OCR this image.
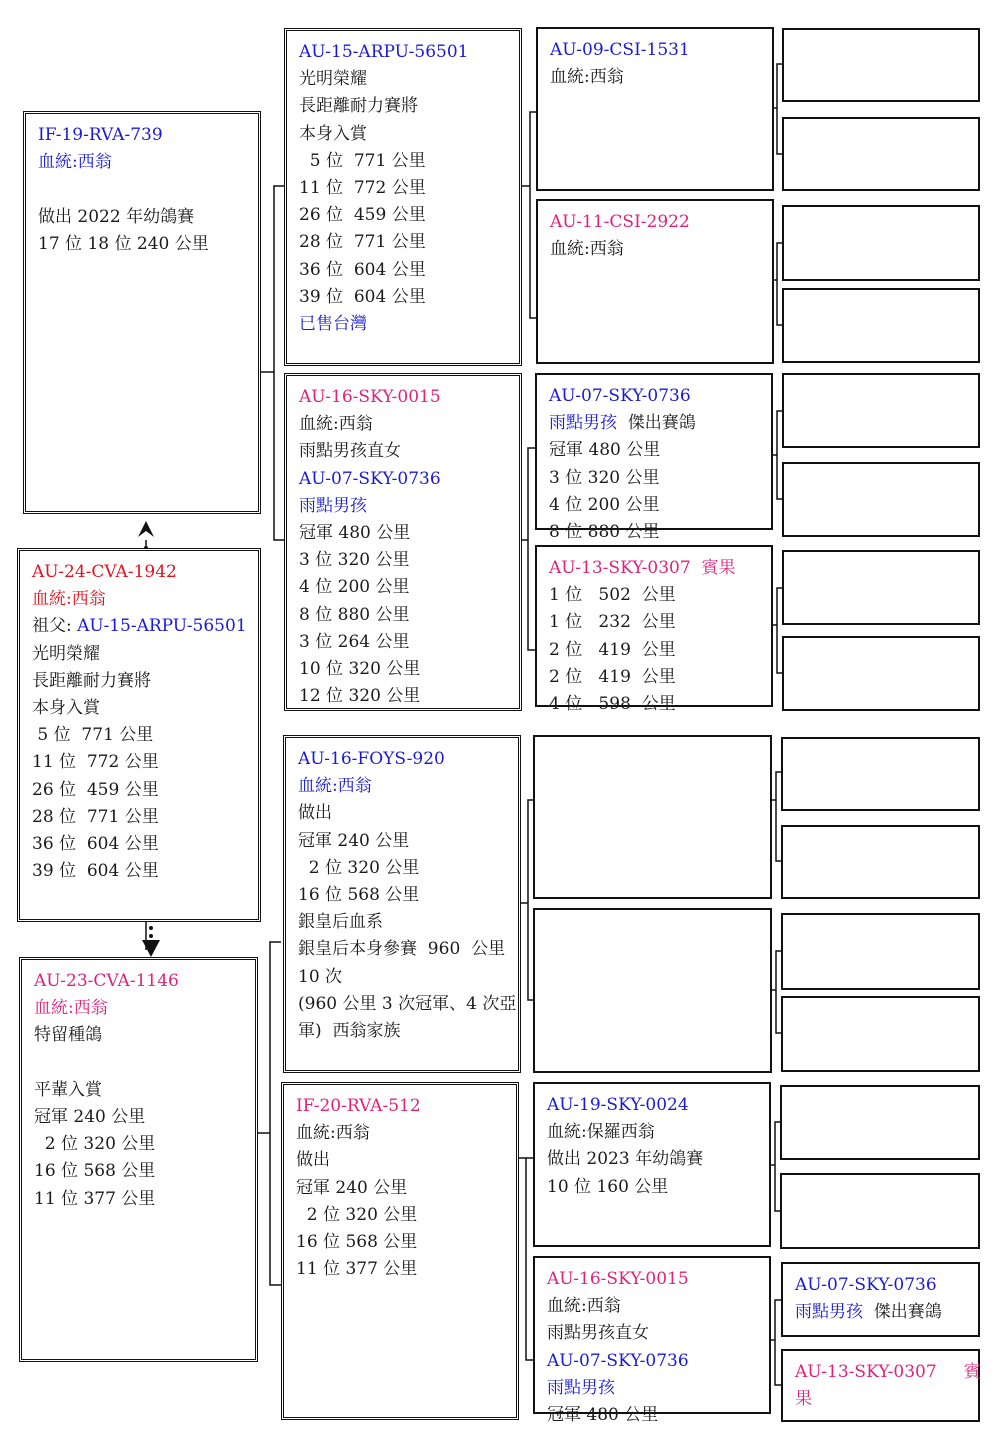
IF-19-RVA-739
血統:西翁
做出 2022 年幼鴿賽
17 位 18 位 240 公里
AU-24-CVA-1942
血統:西翁
祖父: AU-15-ARPU-56501
光明榮耀
長距離耐力賽將
本身入賞
5 位  771 公里
11 位  772 公里
26 位  459 公里
28 位  771 公里
36 位  604 公里
39 位  604 公里
AU-23-CVA-1146
血統:西翁
特留種鴿
平輩入賞
冠軍 240 公里
2 位 320 公里
16 位 568 公里
11 位 377 公里
AU-15-ARPU-56501
光明榮耀
長距離耐力賽將
本身入賞
5 位  771 公里
11 位  772 公里
26 位  459 公里
28 位  771 公里
36 位  604 公里
39 位  604 公里
已售台灣
AU-16-SKY-0015
血統:西翁
雨點男孩直女
AU-07-SKY-0736
雨點男孩
冠軍 480 公里
3 位 320 公里
4 位 200 公里
8 位 880 公里
3 位 264 公里
10 位 320 公里
12 位 320 公里
AU-16-FOYS-920
血統:西翁
做出
冠軍 240 公里
2 位 320 公里
16 位 568 公里
銀皇后血系
銀皇后本身參賽  960  公里
10 次
(960 公里 3 次冠軍、4 次亞
軍)  西翁家族
IF-20-RVA-512
血統:西翁
做出
冠軍 240 公里
2 位 320 公里
16 位 568 公里
11 位 377 公里
AU-09-CSI-1531
血統:西翁
AU-11-CSI-2922
血統:西翁
AU-07-SKY-0736
雨點男孩  傑出賽鴿
冠軍 480 公里
3 位 320 公里
4 位 200 公里
8 位 880 公里
AU-13-SKY-0307  賓果
1 位   502  公里
1 位   232  公里
2 位   419  公里
2 位   419  公里
4 位   598  公里
AU-19-SKY-0024
血統:保羅西翁
做出 2023 年幼鴿賽
10 位 160 公里
AU-16-SKY-0015
血統:西翁
雨點男孩直女
AU-07-SKY-0736
雨點男孩
冠軍 480 公里
AU-07-SKY-0736
雨點男孩  傑出賽鴿
AU-13-SKY-0307     賓
果
